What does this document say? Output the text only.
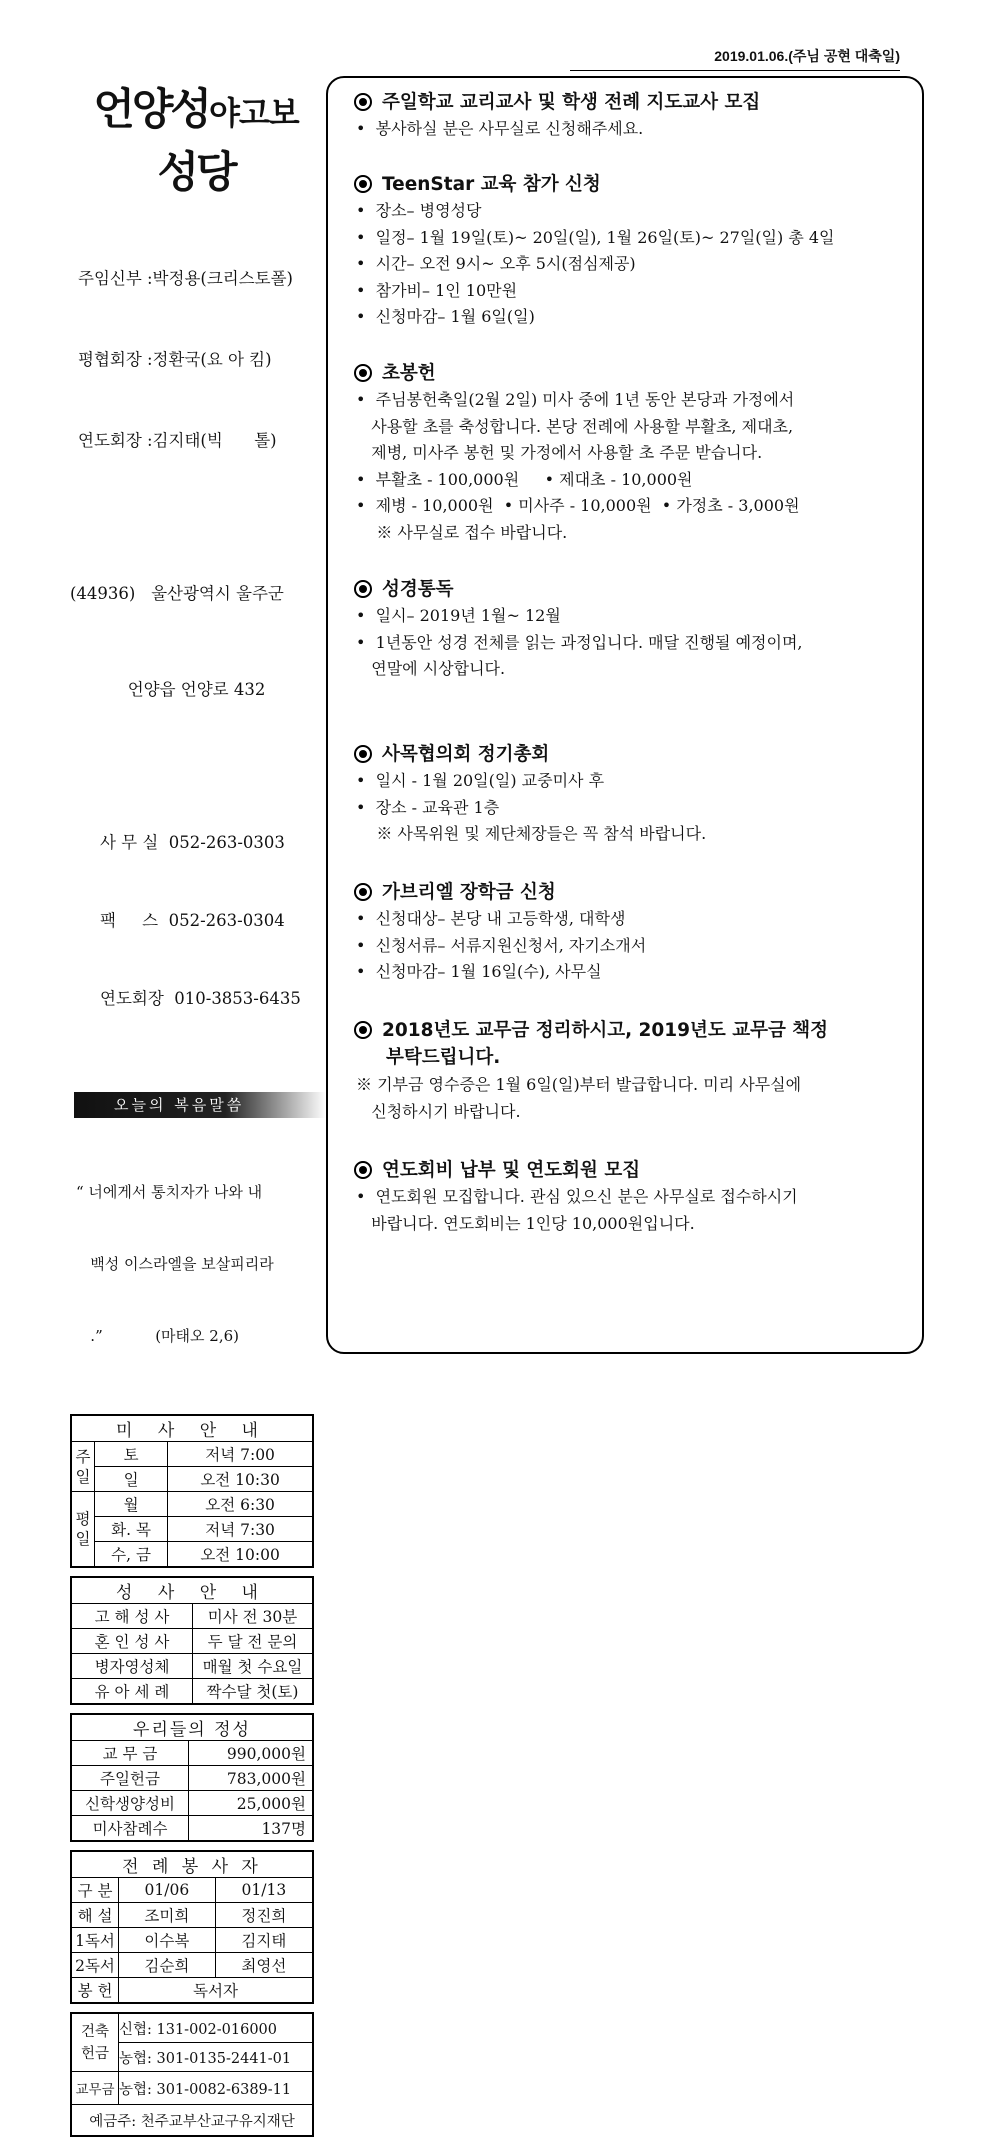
2019.01.06.(주님 공현 대축일)
언양성야고보
성당

주임신부 :박정용(크리스토폴)

평협회장 :정환국(요 아 킴)

연도회장 :김지태(빅      톨)

(44936)   울산광역시 울주군

언양읍 언양로 432

사 무 실  052-263-0303

팩     스  052-263-0304

연도회장  010-3853-6435

오늘의 복음말씀

“ 너에게서 통치자가 나와 내

백성 이스라엘을 보살피리라

.”           (마태오 2,6)

미 사 안 내		
주
일	토	저녁 7:00
	일	오전 10:30
평
일	월	오전 6:30
	화. 목	저녁 7:30
	수, 금	오전 10:00
성 사 안 내	
고 해 성 사	미사 전 30분
혼 인 성 사	두 달 전 문의
병자영성체	매월 첫 수요일
유 아 세 례	짝수달 첫(토)
우리들의 정성	
교 무 금	990,000원
주일헌금	783,000원
신학생양성비	25,000원
미사참례수	137명
전 례 봉 사 자		
구 분	01/06	01/13
해 설	조미희	정진희
1독서	이수복	김지태
2독서	김순희	최영선
봉 헌	독서자	
건축
헌금	신협: 131-002-016000
	농협: 301-0135-2441-01
교무금	농협: 301-0082-6389-11
예금주: 천주교부산교구유지재단	
주일학교 교리교사 및 학생 전례 지도교사 모집
•  봉사하실 분은 사무실로 신청해주세요.
TeenStar 교육 참가 신청
•  장소– 병영성당
•  일정– 1월 19일(토)~ 20일(일), 1월 26일(토)~ 27일(일) 총 4일
•  시간– 오전 9시~ 오후 5시(점심제공)
•  참가비– 1인 10만원
•  신청마감– 1월 6일(일)
초봉헌
•  주님봉헌축일(2월 2일) 미사 중에 1년 동안 본당과 가정에서
사용할 초를 축성합니다. 본당 전례에 사용할 부활초, 제대초,
제병, 미사주 봉헌 및 가정에서 사용할 초 주문 받습니다.
•  부활초 - 100,000원     • 제대초 - 10,000원
•  제병 - 10,000원  • 미사주 - 10,000원  • 가정초 - 3,000원
※ 사무실로 접수 바랍니다.
성경통독
•  일시– 2019년 1월~ 12월
•  1년동안 성경 전체를 읽는 과정입니다. 매달 진행될 예정이며,
연말에 시상합니다.
사목협의회 정기총회
•  일시 - 1월 20일(일) 교중미사 후
•  장소 - 교육관 1층
※ 사목위원 및 제단체장들은 꼭 참석 바랍니다.
가브리엘 장학금 신청
•  신청대상– 본당 내 고등학생, 대학생
•  신청서류– 서류지원신청서, 자기소개서
•  신청마감– 1월 16일(수), 사무실
2018년도 교무금 정리하시고, 2019년도 교무금 책정
부탁드립니다.
※ 기부금 영수증은 1월 6일(일)부터 발급합니다. 미리 사무실에
신청하시기 바랍니다.
연도회비 납부 및 연도회원 모집
•  연도회원 모집합니다. 관심 있으신 분은 사무실로 접수하시기
바랍니다. 연도회비는 1인당 10,000원입니다.
